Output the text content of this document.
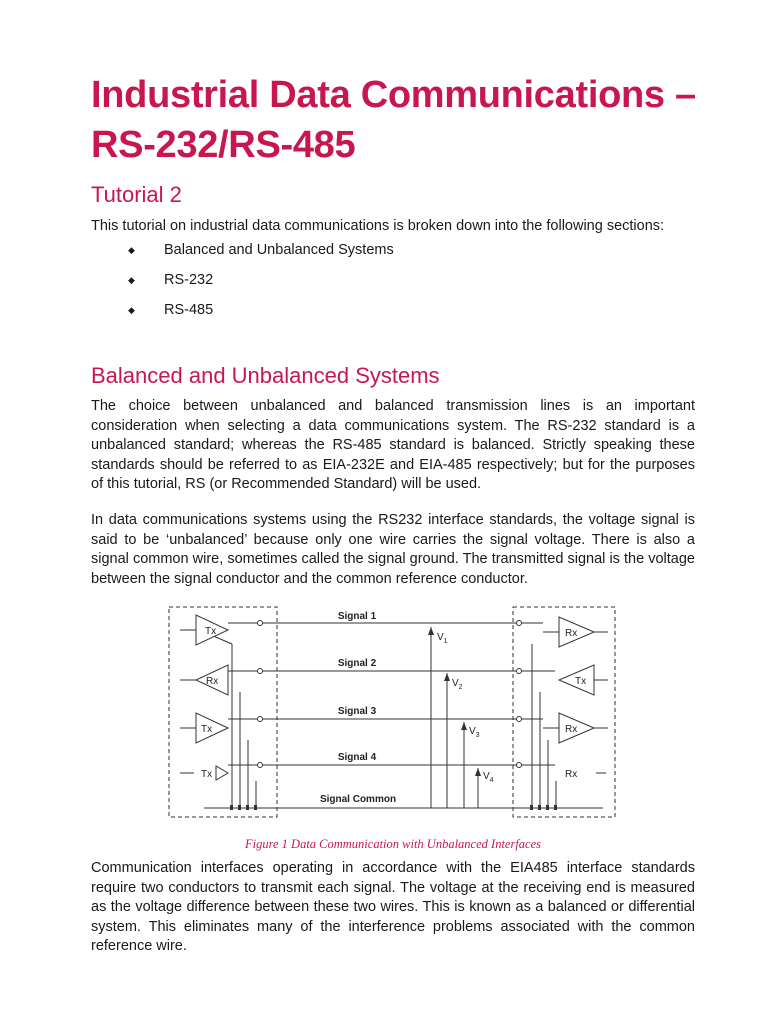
Industrial Data Communications –
RS-232/RS-485
Tutorial 2
This tutorial on industrial data communications is broken down into the following sections:
◆ Balanced and Unbalanced Systems
◆ RS-232
◆ RS-485
Balanced and Unbalanced Systems
The choice between unbalanced and balanced transmission lines is an important consideration when selecting a data communications system. The RS-232 standard is a unbalanced standard; whereas the RS-485 standard is balanced. Strictly speaking these standards should be referred to as EIA-232E and EIA-485 respectively; but for the purposes of this tutorial, RS (or Recommended Standard) will be used.
In data communications systems using the RS232 interface standards, the voltage signal is said to be ‘unbalanced’ because only one wire carries the signal voltage. There is also a signal common wire, sometimes called the signal ground. The transmitted signal is the voltage between the signal conductor and the common reference conductor.
Signal 1
Signal 2
Signal 3
Signal 4
Signal Common
Tx
Rx
Tx
Tx
Rx
Tx
Rx
Rx
$V_1$
$V_2$
$V_3$
$V_4$
Figure 1 Data Communication with Unbalanced Interfaces
Communication interfaces operating in accordance with the EIA485 interface standards require two conductors to transmit each signal. The voltage at the receiving end is measured as the voltage difference between these two wires. This is known as a balanced or differential system. This eliminates many of the interference problems associated with the common reference wire.
